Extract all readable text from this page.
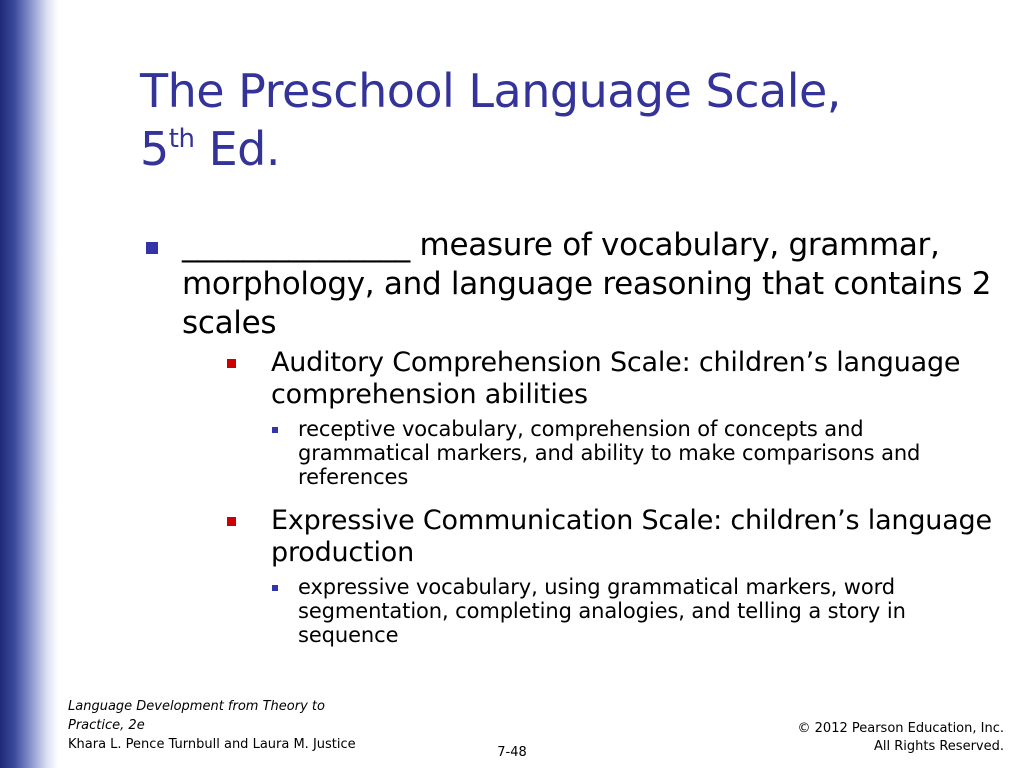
The Preschool Language Scale,
5th Ed.
_______________ measure of vocabulary, grammar, morphology, and language reasoning that contains 2 scales
Auditory Comprehension Scale: children’s language comprehension abilities
receptive vocabulary, comprehension of concepts and grammatical markers, and ability to make comparisons and references
Expressive Communication Scale: children’s language production
expressive vocabulary, using grammatical markers, word segmentation, completing analogies, and telling a story in sequence
Language Development from Theory to Practice, 2e
Khara L. Pence Turnbull and Laura M. Justice
7-48
© 2012 Pearson Education, Inc.
All Rights Reserved.
